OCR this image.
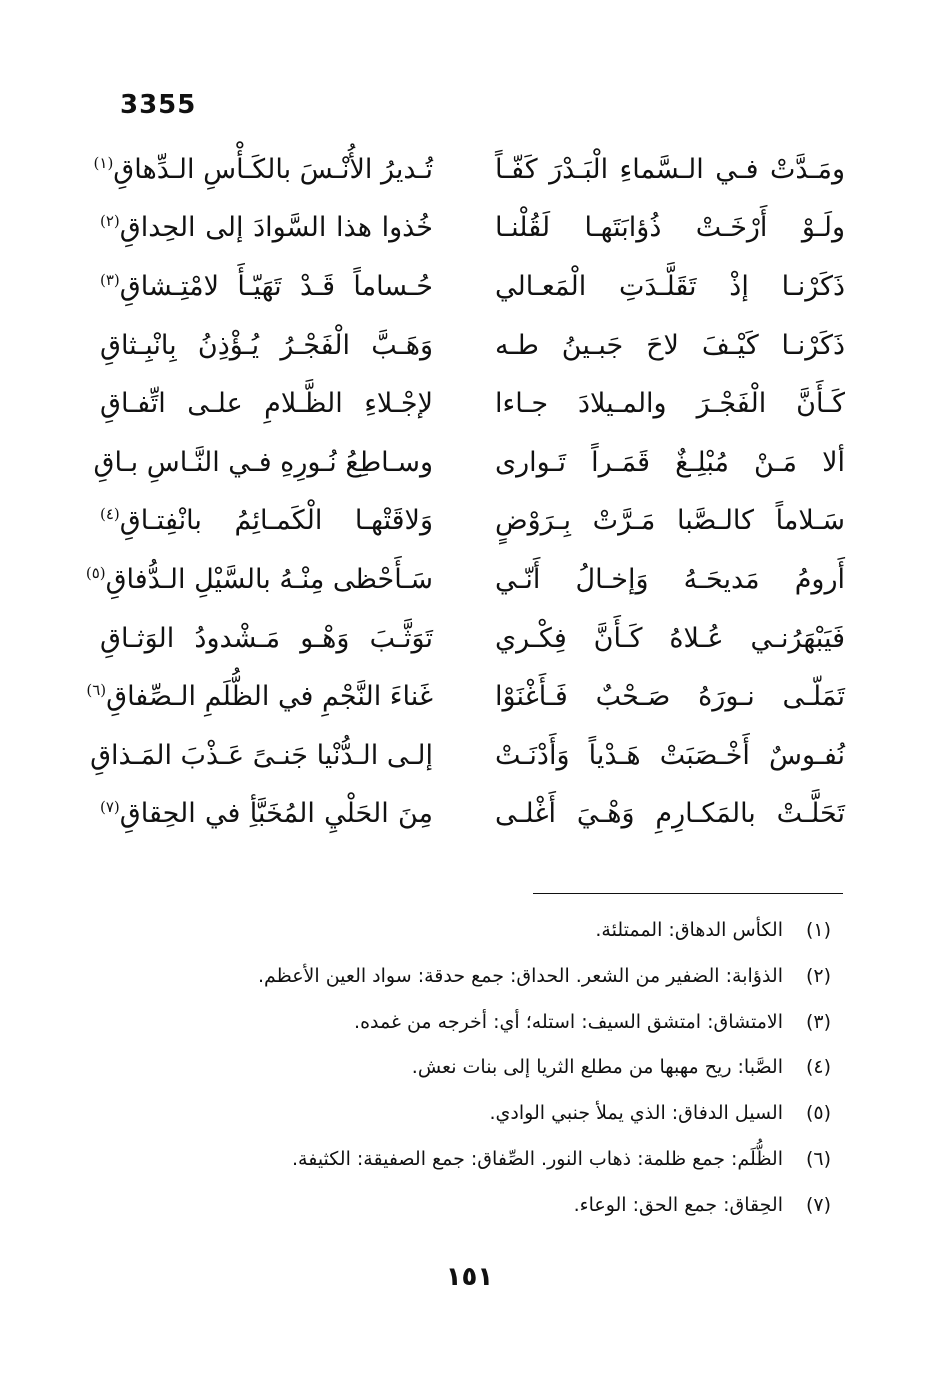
3355
ومَـدَّتْ فـي الـسَّماءِ الْبَـدْرَ كَفّـاً
تُـديرُ الأُنْـسَ بالكَـأْسِ الـدِّهاقِ$^{(١)}$
ولَـوْ أَرْخَـتْ ذُؤابَتَهـا لَقُلْنـا
خُذوا هذا السَّوادَ إلى الحِداقِ$^{(٢)}$
ذَكَرْنـا إذْ تَقَلَّـدَتِ الْمَعـالي
حُـساماً قَـدْ تَهَيّـأَ لامْتِـشاقِ$^{(٣)}$
ذَكَرْنـا كَيْـفَ لاحَ جَبـينُ طـه
وَهَـبَّ الْفَجْـرُ يُـؤْذِنُ بِانْبِـثاقِ
كَـأَنَّ الْفَجْـرَ والمـيلادَ جـاءا
لإجْـلاءِ الظَّـلامِ علـى اتِّفـاقِ
ألا مَـنْ مُبْلِـغٌ قَمَـراً تَـوارى
وسـاطِعُ نُـورِهِ فـي النَّـاسِ بـاقِ
سَـلاماً كالـصَّبا مَـرَّتْ بِـرَوْضٍ
وَلاقَتْهـا الْكَمـائِمُ بانْفِتـاقِ$^{(٤)}$
أَرومُ مَديحَـهُ وَإخـالُ أَنّـي
سَـأَحْظى مِنْـهُ بالسَّيْلِ الـدُّفاقِ$^{(٥)}$
فَيَبْهَرُنـي عُـلاهُ كَـأَنَّ فِكْـري
تَوَثَّـبَ وَهْـو مَـشْدودُ الوَثـاقِ
تَمَلّـى نـورَهُ صَـحْبٌ فَـأَغْنَوْا
غَناءَ النَّجْمِ في الظُّلَمِ الـصِّفاقِ$^{(٦)}$
نُفـوسٌ أَخْـصَبَتْ هَـدْياً وَأَدْنَـتْ
إلـى الـدُّنْيا جَنـىً عَـذْبَ المَـذاقِ
تَحَلَّـتْ بالمَكـارِمِ وَهْـيَ أَغْلـى
مِنَ الحَلْيِ المُخَبَّأِ في الحِقاقِ$^{(٧)}$
(١)الكأس الدهاق: الممتلئة.
(٢)الذؤابة: الضفير من الشعر. الحداق: جمع حدقة: سواد العين الأعظم.
(٣)الامتشاق: امتشق السيف: استله؛ أي: أخرجه من غمده.
(٤)الصَّبا: ريح مهبها من مطلع الثريا إلى بنات نعش.
(٥)السيل الدفاق: الذي يملأ جنبي الوادي.
(٦)الظُّلَم: جمع ظلمة: ذهاب النور. الصِّفاق: جمع الصفيقة: الكثيفة.
(٧)الحِقاق: جمع الحق: الوعاء.
١٥١
